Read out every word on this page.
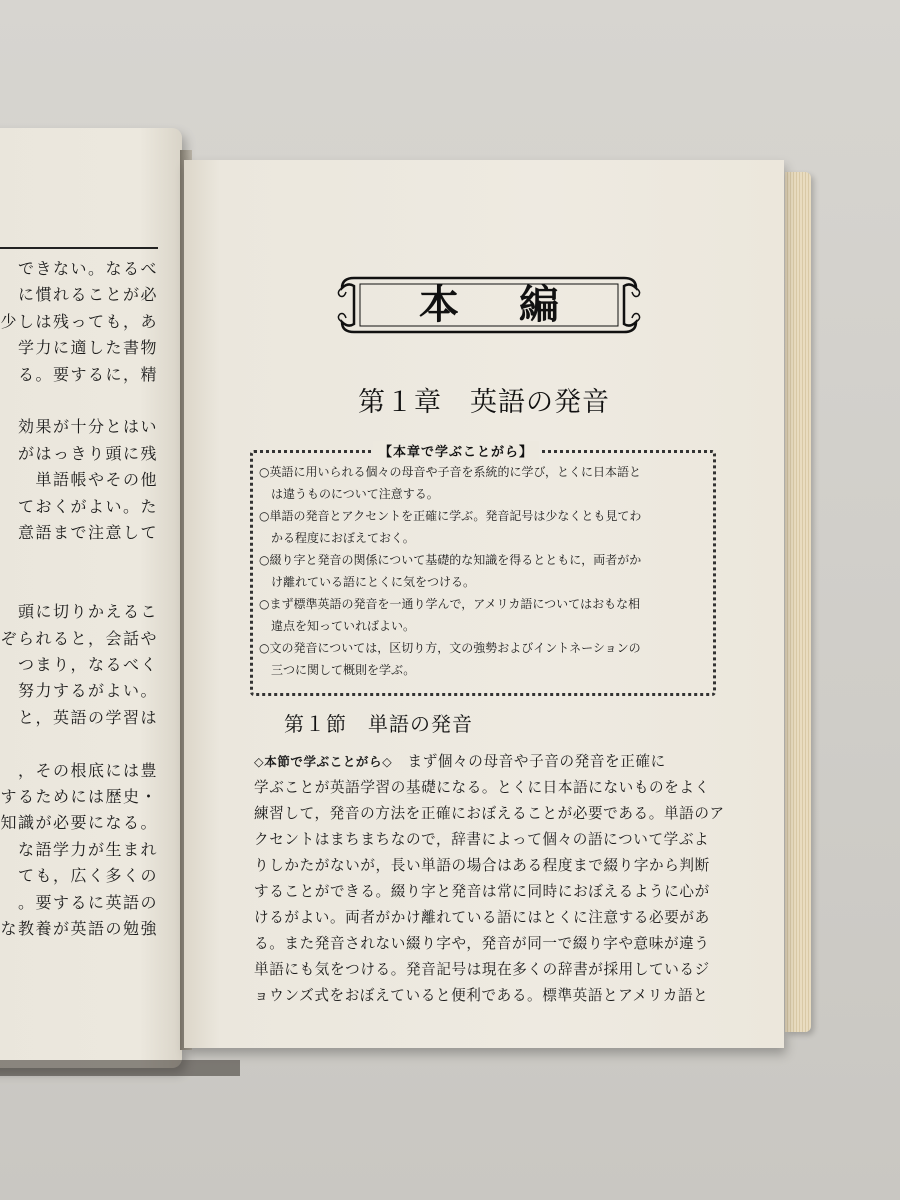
できない。なるべ
に慣れることが必
少しは残っても，あ
学力に適した書物
る。要するに，精
効果が十分とはい
がはっきり頭に残
単語帳やその他
ておくがよい。た
意語まで注意して
頭に切りかえるこ
ぞられると，会話や
つまり，なるべく
努力するがよい。
と，英語の学習は
，その根底には豊
するためには歴史・
知識が必要になる。
な語学力が生まれ
ても，広く多くの
。要するに英語の
な教養が英語の勉強
本編
第１章　英語の発音
【本章で学ぶことがら】
○英語に用いられる個々の母音や子音を系統的に学び，とくに日本語と
　は違うものについて注意する。
○単語の発音とアクセントを正確に学ぶ。発音記号は少なくとも見てわ
　かる程度におぼえておく。
○綴り字と発音の関係について基礎的な知識を得るとともに，両者がか
　け離れている語にとくに気をつける。
○まず標準英語の発音を一通り学んで，アメリカ語についてはおもな相
　違点を知っていればよい。
○文の発音については，区切り方，文の強勢およびイントネーションの
　三つに関して概則を学ぶ。
第１節　単語の発音
◇本節で学ぶことがら◇　まず個々の母音や子音の発音を正確に
学ぶことが英語学習の基礎になる。とくに日本語にないものをよく
練習して，発音の方法を正確におぼえることが必要である。単語のア
クセントはまちまちなので，辞書によって個々の語について学ぶよ
りしかたがないが，長い単語の場合はある程度まで綴り字から判断
することができる。綴り字と発音は常に同時におぼえるように心が
けるがよい。両者がかけ離れている語にはとくに注意する必要があ
る。また発音されない綴り字や，発音が同一で綴り字や意味が違う
単語にも気をつける。発音記号は現在多くの辞書が採用しているジ
ョウンズ式をおぼえていると便利である。標準英語とアメリカ語と
